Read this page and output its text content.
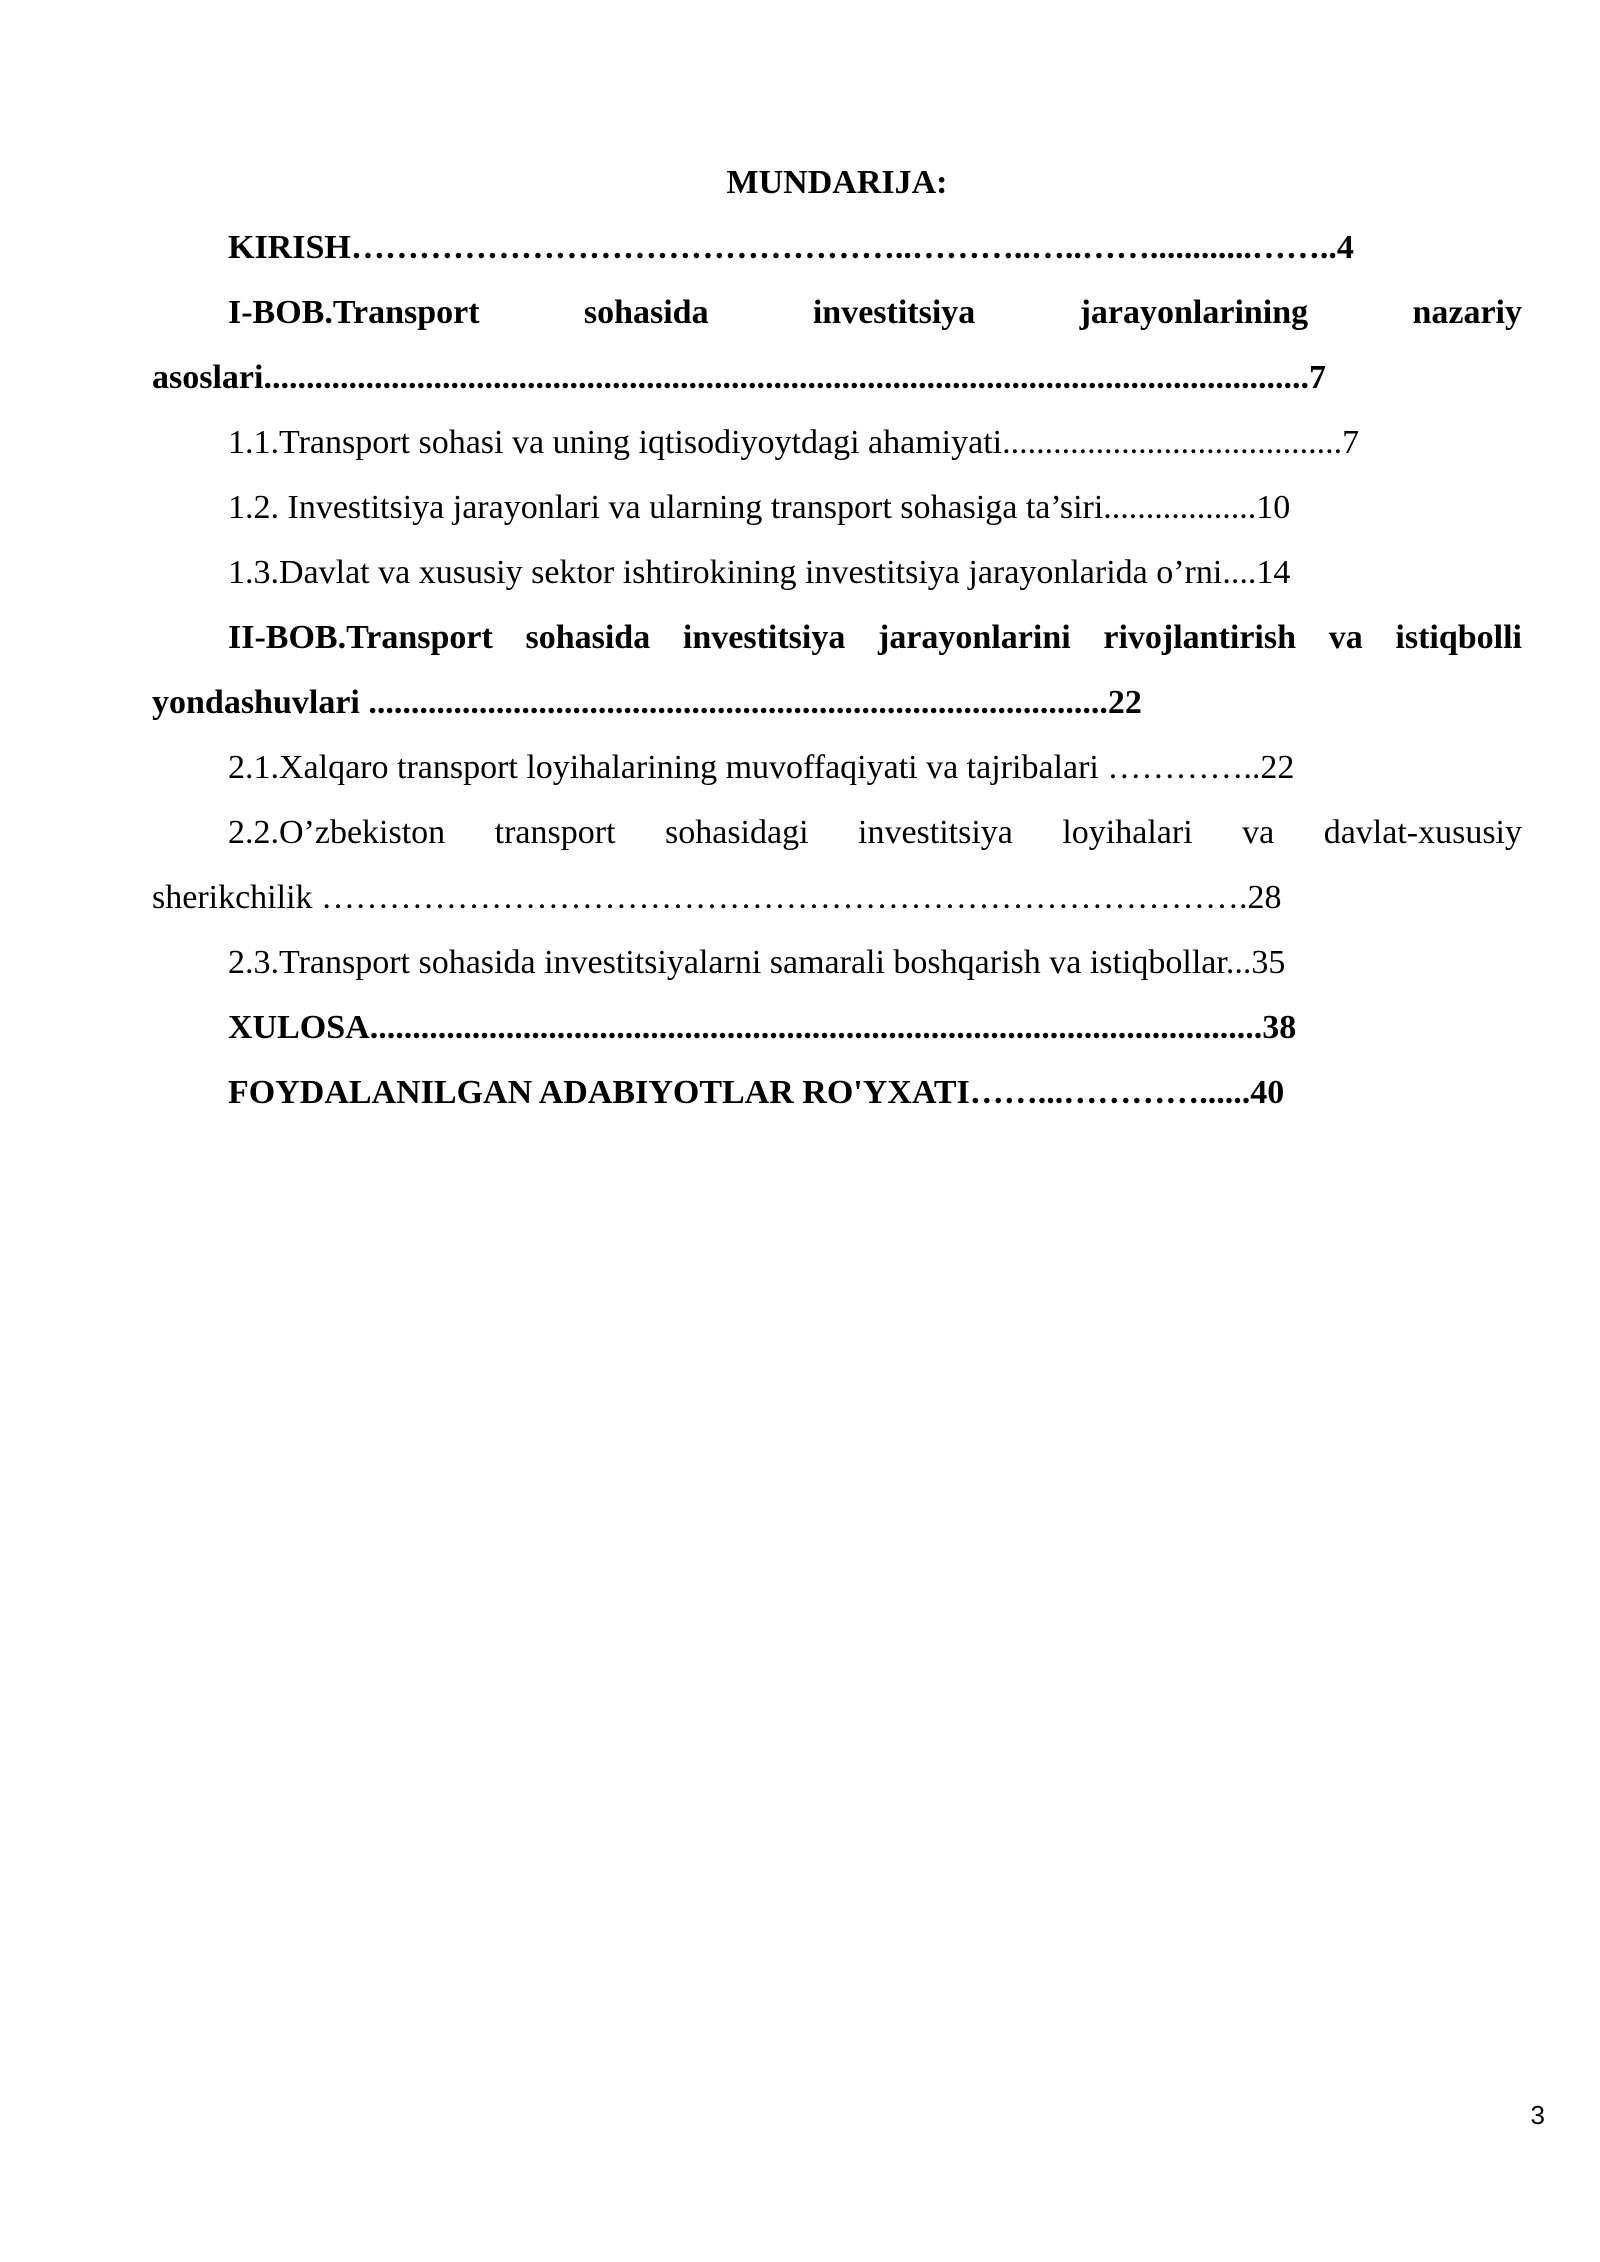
MUNDARIJA:
KIRISH…………………………………………..………..…..……............……..4
I-BOB.Transport sohasida investitsiya jarayonlarining nazariy
asoslari...........................................................................................................................7
1.1.Transport sohasi va uning iqtisodiyoytdagi ahamiyati........................................7
1.2. Investitsiya jarayonlari va ularning transport sohasiga ta’siri..................10
1.3.Davlat va xususiy sektor ishtirokining investitsiya jarayonlarida o’rni....14
II-BOB.Transport sohasida investitsiya jarayonlarini rivojlantirish va istiqbolli
yondashuvlari .......................................................................................22
2.1.Xalqaro transport loyihalarining muvoffaqiyati va tajribalari …………..22
2.2.O’zbekiston transport sohasidagi investitsiya loyihalari va davlat-xususiy
sherikchilik ……………………………………………………………………….28
2.3.Transport sohasida investitsiyalarni samarali boshqarish va istiqbollar...35
XULOSA.........................................................................................................38
FOYDALANILGAN ADABIYOTLAR RO'YXATI……...…………......40
3
